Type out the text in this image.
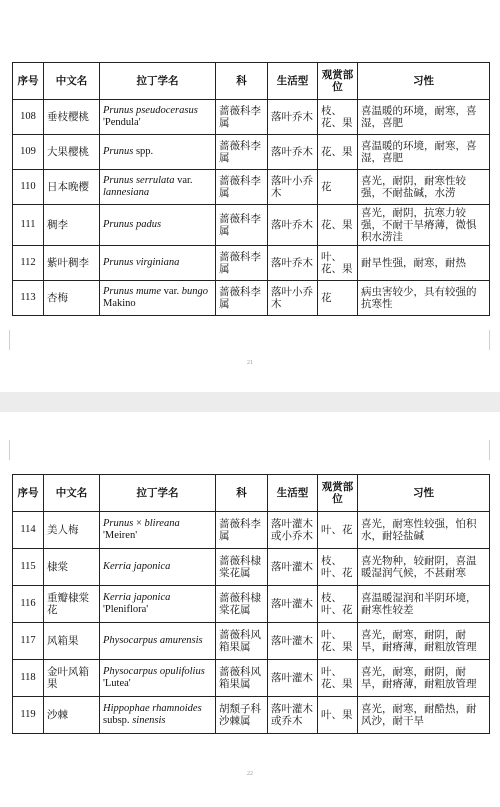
序号	中文名	拉丁学名	科	生活型	观赏部位	习性
108	垂枝樱桃	Prunus pseudocerasus 'Pendula'	蔷薇科李属	落叶乔木	枝、花、果	喜温暖的环境，耐寒，喜湿，喜肥
109	大果樱桃	Prunus spp.	蔷薇科李属	落叶乔木	花、果	喜温暖的环境，耐寒，喜湿，喜肥
110	日本晚樱	Prunus serrulata var. lannesiana	蔷薇科李属	落叶小乔木	花	喜光，耐阴，耐寒性较强，不耐盐碱，水涝
111	稠李	Prunus padus	蔷薇科李属	落叶乔木	花、果	喜光，耐阴，抗寒力较强，不耐干旱瘠薄，微惧积水涝洼
112	紫叶稠李	Prunus virginiana	蔷薇科李属	落叶乔木	叶、花、果	耐旱性强，耐寒，耐热
113	杏梅	Prunus mume var. bungo Makino	蔷薇科李属	落叶小乔木	花	病虫害较少，具有较强的抗寒性
21
序号	中文名	拉丁学名	科	生活型	观赏部位	习性
114	美人梅	Prunus × blireana 'Meiren'	蔷薇科李属	落叶灌木或小乔木	叶、花	喜光，耐寒性较强，怕积水，耐轻盐碱
115	棣棠	Kerria japonica	蔷薇科棣棠花属	落叶灌木	枝、叶、花	喜光物种，较耐阴，喜温暖湿润气候，不甚耐寒
116	重瓣棣棠花	Kerria japonica 'Pleniflora'	蔷薇科棣棠花属	落叶灌木	枝、叶、花	喜温暖湿润和半阴环境，耐寒性较差
117	风箱果	Physocarpus amurensis	蔷薇科风箱果属	落叶灌木	叶、花、果	喜光，耐寒，耐阴，耐旱，耐瘠薄，耐粗放管理
118	金叶风箱果	Physocarpus opulifolius 'Lutea'	蔷薇科风箱果属	落叶灌木	叶、花、果	喜光，耐寒，耐阴，耐旱，耐瘠薄，耐粗放管理
119	沙棘	Hippophae rhamnoides subsp. sinensis	胡颓子科沙棘属	落叶灌木或乔木	叶、果	喜光，耐寒，耐酷热，耐风沙，耐干旱
22
